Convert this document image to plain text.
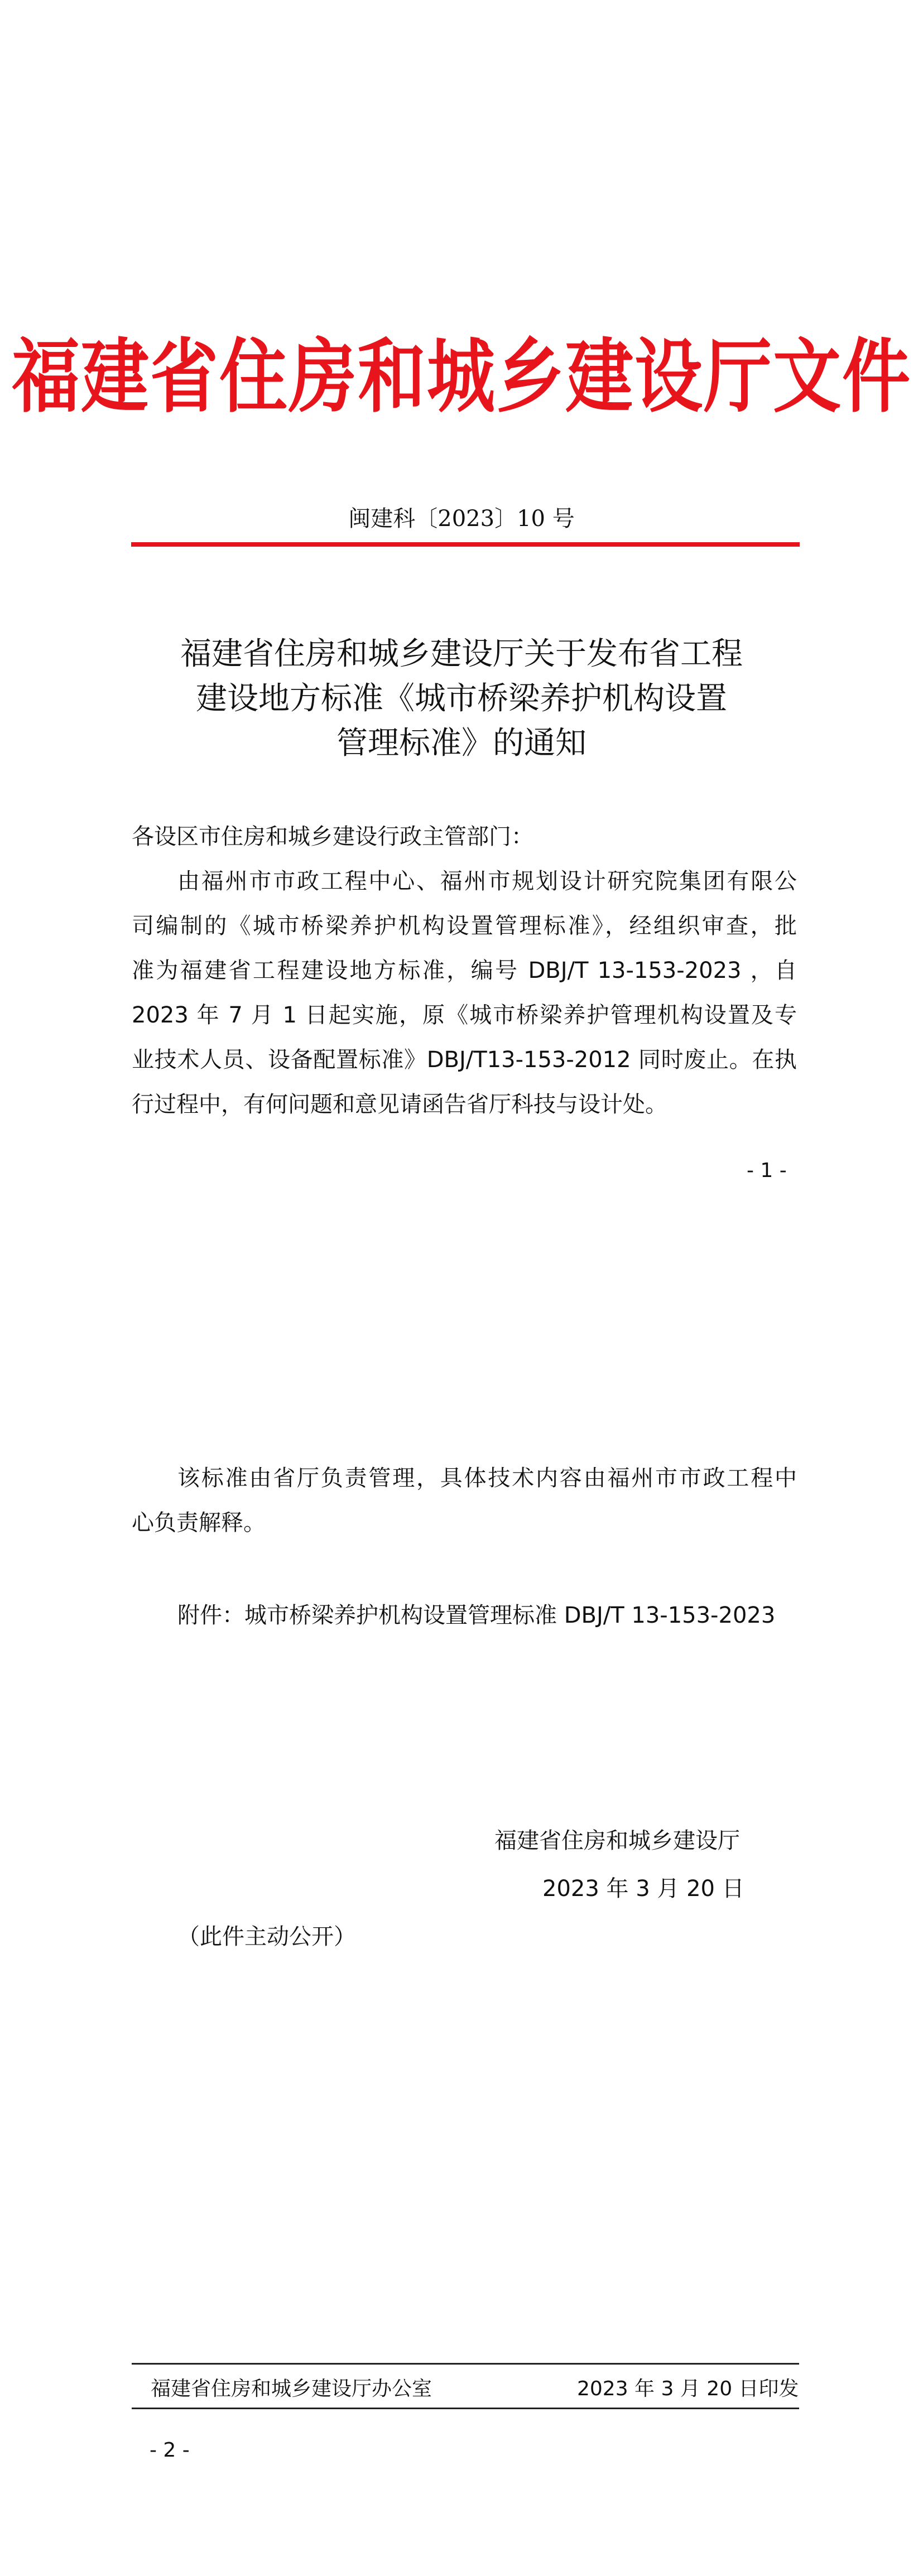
福建省住房和城乡建设厅文件
闽建科〔2023〕10 号
福建省住房和城乡建设厅关于发布省工程
建设地方标准《城市桥梁养护机构设置
管理标准》的通知
各设区市住房和城乡建设行政主管部门：
由福州市市政工程中心、福州市规划设计研究院集团有限公
司编制的《城市桥梁养护机构设置管理标准》，经组织审查，批
准为福建省工程建设地方标准，编号 DBJ/T 13-153-2023 ，自
2023 年 7 月 1 日起实施，原《城市桥梁养护管理机构设置及专
业技术人员、设备配置标准》DBJ/T13-153-2012 同时废止。在执
行过程中，有何问题和意见请函告省厅科技与设计处。
- 1 -
该标准由省厅负责管理，具体技术内容由福州市市政工程中
心负责解释。
附件：城市桥梁养护机构设置管理标准 DBJ/T 13-153-2023
福建省住房和城乡建设厅
2023 年 3 月 20 日
（此件主动公开）
福建省住房和城乡建设厅办公室	2023 年 3 月 20 日印发
- 2 -
